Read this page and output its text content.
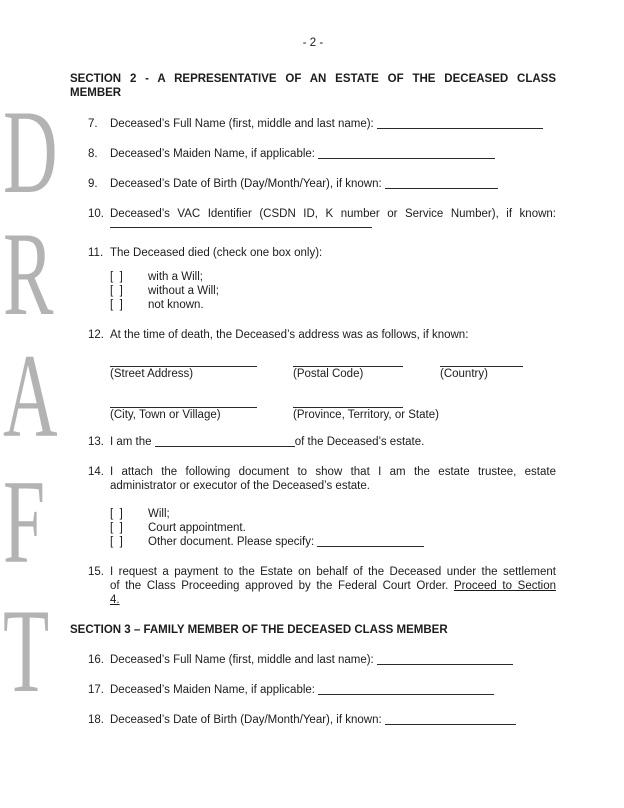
D
R
A
F
T
- 2 -
SECTION 2 - A REPRESENTATIVE OF AN ESTATE OF THE DECEASED CLASS
MEMBER
7.	Deceased’s Full Name (first, middle and last name):
8.	Deceased’s Maiden Name, if applicable:
9.	Deceased’s Date of Birth (Day/Month/Year), if known:
10. Deceased’s VAC Identifier (CSDN ID, K number or Service Number), if known:
11. The Deceased died (check one box only):
[  ]	with a Will;
[  ]	without a Will;
[  ]	not known.
12. At the time of death, the Deceased’s address was as follows, if known:
(Street Address)	(Postal Code)	(Country)
(City, Town or Village)	(Province, Territory, or State)
13. I am the	of the Deceased’s estate.
14. I attach the following document to show that I am the estate trustee, estate
administrator or executor of the Deceased’s estate.
[  ]	Will;
[  ]	Court appointment.
[  ]	Other document. Please specify:
15. I request a payment to the Estate on behalf of the Deceased under the settlement
of the Class Proceeding approved by the Federal Court Order. Proceed to Section
4.
SECTION 3 – FAMILY MEMBER OF THE DECEASED CLASS MEMBER
16. Deceased’s Full Name (first, middle and last name):
17. Deceased’s Maiden Name, if applicable:
18. Deceased’s Date of Birth (Day/Month/Year), if known:
